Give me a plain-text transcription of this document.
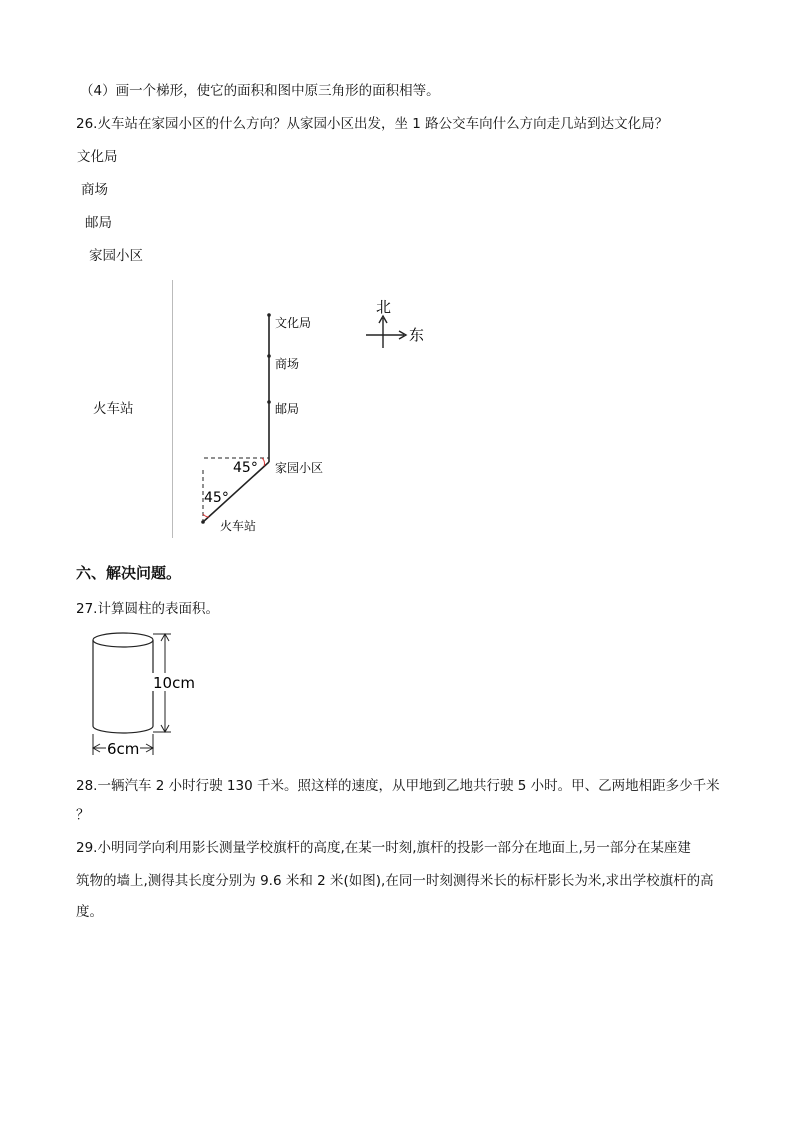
（4）画一个梯形，使它的面积和图中原三角形的面积相等。
26.火车站在家园小区的什么方向？从家园小区出发，坐 1 路公交车向什么方向走几站到达文化局？
文化局
商场
邮局
家园小区
火车站
文化局
商场
邮局
家园小区
45°
45°
火车站
北
东
六、解决问题。
27.计算圆柱的表面积。
10cm
6cm
28.一辆汽车 2 小时行驶 130 千米。照这样的速度，从甲地到乙地共行驶 5 小时。甲、乙两地相距多少千米
？
29.小明同学向利用影长测量学校旗杆的高度,在某一时刻,旗杆的投影一部分在地面上,另一部分在某座建
筑物的墙上,测得其长度分别为 9.6 米和 2 米(如图),在同一时刻测得米长的标杆影长为米,求出学校旗杆的高
度。
